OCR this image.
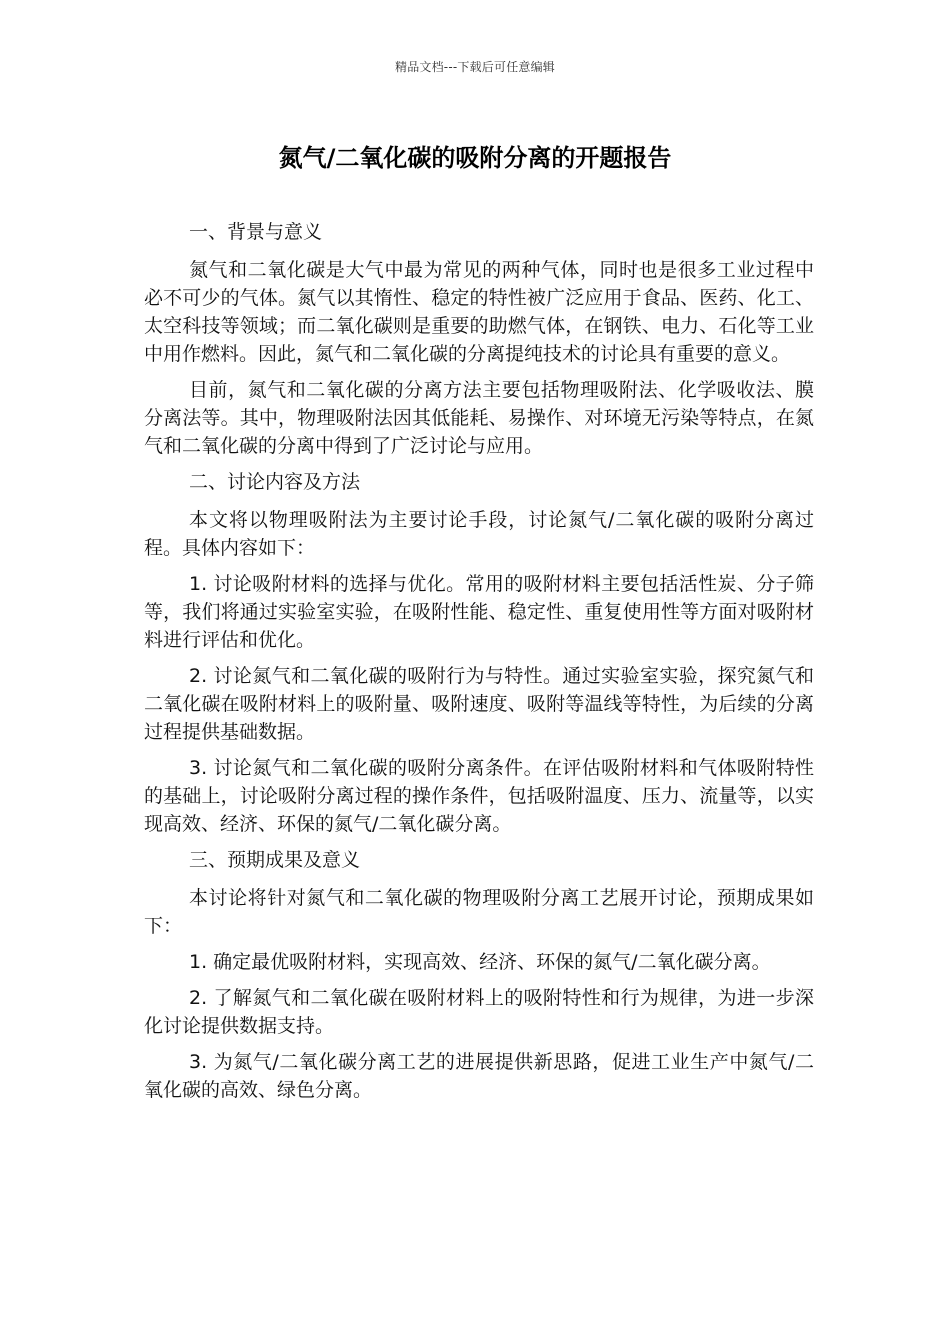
精品文档---下载后可任意编辑
氮气/二氧化碳的吸附分离的开题报告

一、背景与意义

氮气和二氧化碳是大气中最为常见的两种气体，同时也是很多工业过程中必不可少的气体。氮气以其惰性、稳定的特性被广泛应用于食品、医药、化工、太空科技等领域；而二氧化碳则是重要的助燃气体，在钢铁、电力、石化等工业中用作燃料。因此，氮气和二氧化碳的分离提纯技术的讨论具有重要的意义。

目前，氮气和二氧化碳的分离方法主要包括物理吸附法、化学吸收法、膜分离法等。其中，物理吸附法因其低能耗、易操作、对环境无污染等特点，在氮气和二氧化碳的分离中得到了广泛讨论与应用。

二、讨论内容及方法

本文将以物理吸附法为主要讨论手段，讨论氮气/二氧化碳的吸附分离过程。具体内容如下：

1. 讨论吸附材料的选择与优化。常用的吸附材料主要包括活性炭、分子筛等，我们将通过实验室实验，在吸附性能、稳定性、重复使用性等方面对吸附材料进行评估和优化。

2. 讨论氮气和二氧化碳的吸附行为与特性。通过实验室实验，探究氮气和二氧化碳在吸附材料上的吸附量、吸附速度、吸附等温线等特性，为后续的分离过程提供基础数据。

3. 讨论氮气和二氧化碳的吸附分离条件。在评估吸附材料和气体吸附特性的基础上，讨论吸附分离过程的操作条件，包括吸附温度、压力、流量等，以实现高效、经济、环保的氮气/二氧化碳分离。

三、预期成果及意义

本讨论将针对氮气和二氧化碳的物理吸附分离工艺展开讨论，预期成果如下：

1. 确定最优吸附材料，实现高效、经济、环保的氮气/二氧化碳分离。

2. 了解氮气和二氧化碳在吸附材料上的吸附特性和行为规律，为进一步深化讨论提供数据支持。

3. 为氮气/二氧化碳分离工艺的进展提供新思路，促进工业生产中氮气/二氧化碳的高效、绿色分离。
